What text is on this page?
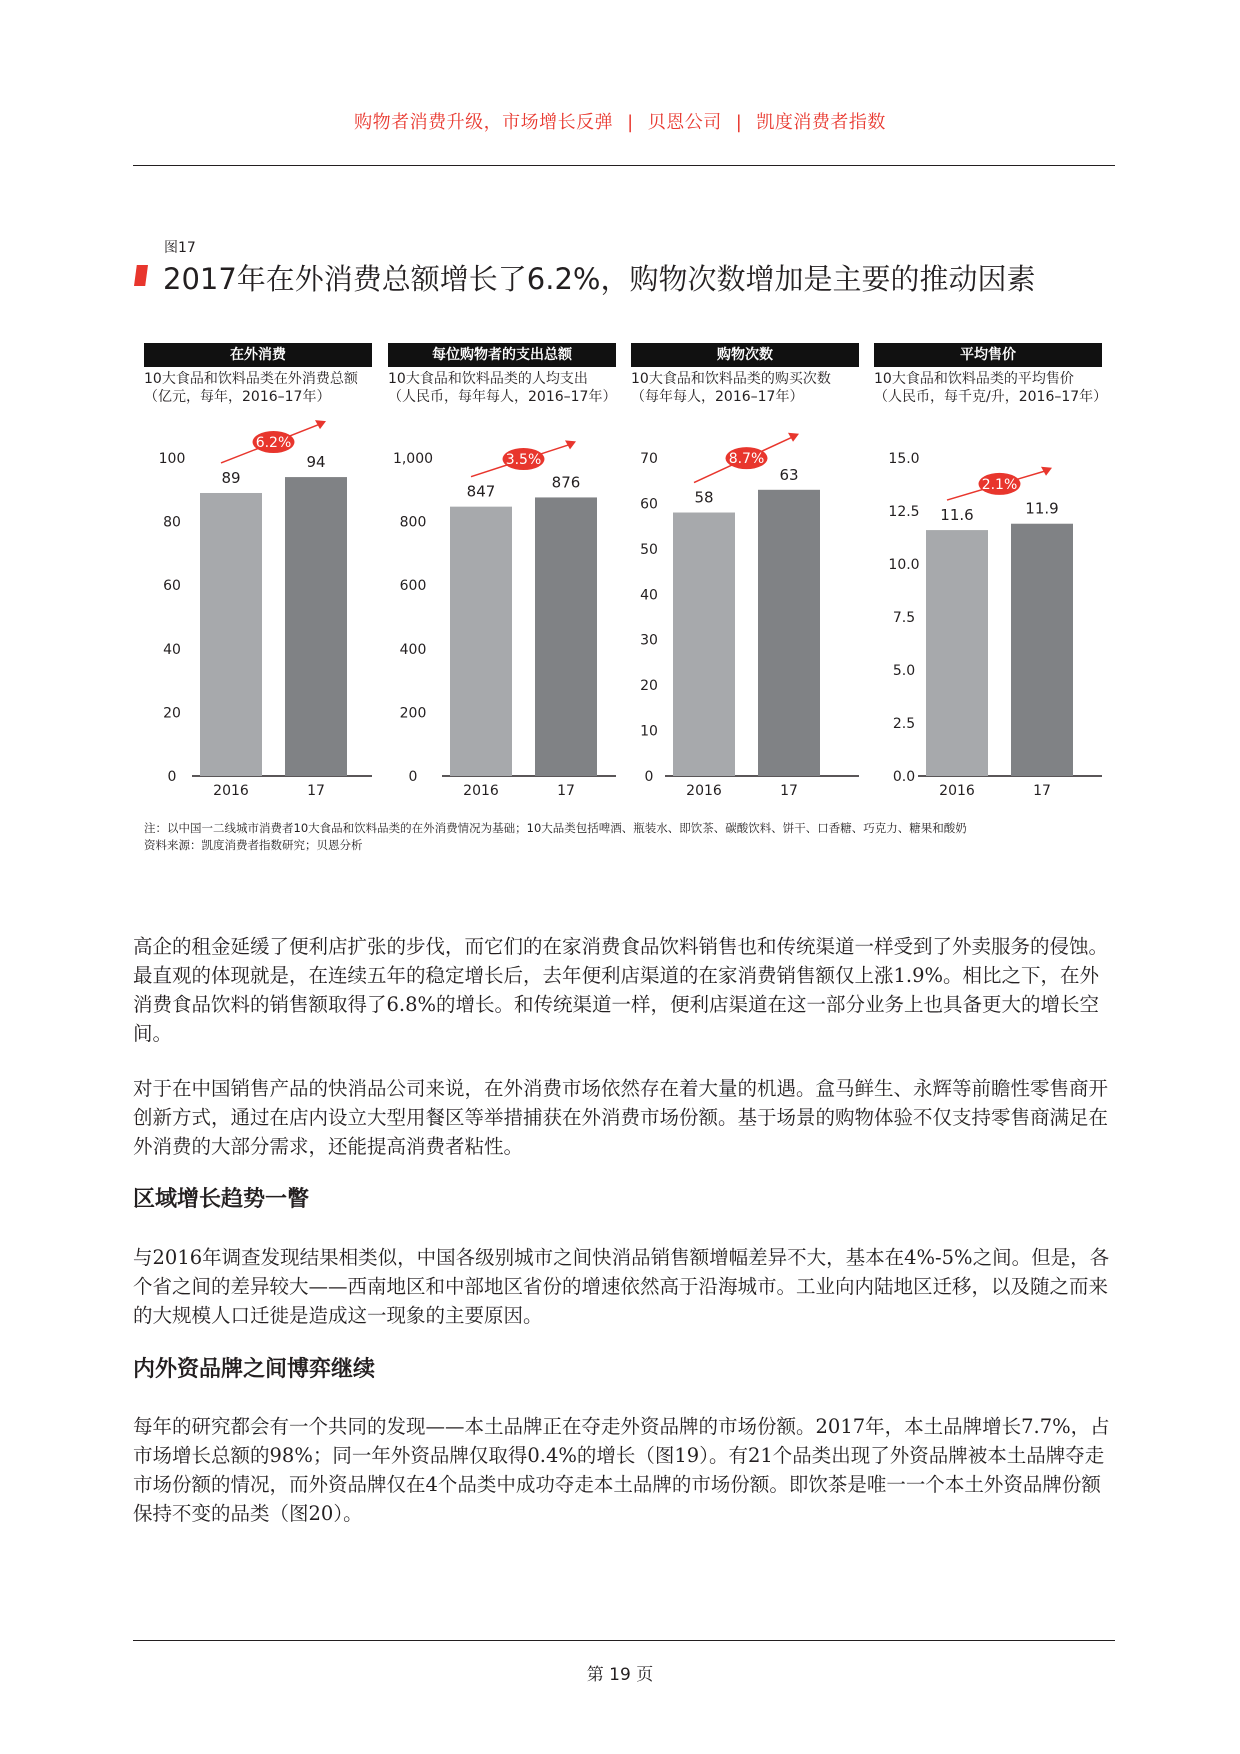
购物者消费升级，市场增长反弹 | 贝恩公司 | 凯度消费者指数
图17
2017年在外消费总额增长了6.2%，购物次数增加是主要的推动因素
在外消费
10大食品和饮料品类在外消费总额
（亿元，每年，2016–17年）
0
20
40
60
80
100
89
2016
94
17
6.2%
每位购物者的支出总额
10大食品和饮料品类的人均支出
（人民币，每年每人，2016–17年）
0
200
400
600
800
1,000
847
2016
876
17
3.5%
购物次数
10大食品和饮料品类的购买次数
（每年每人，2016–17年）
0
10
20
30
40
50
60
70
58
2016
63
17
8.7%
平均售价
10大食品和饮料品类的平均售价
（人民币，每千克/升，2016–17年）
0.0
2.5
5.0
7.5
10.0
12.5
15.0
11.6
2016
11.9
17
2.1%
注：以中国一二线城市消费者10大食品和饮料品类的在外消费情况为基础；10大品类包括啤酒、瓶装水、即饮茶、碳酸饮料、饼干、口香糖、巧克力、糖果和酸奶
资料来源：凯度消费者指数研究；贝恩分析
高企的租金延缓了便利店扩张的步伐，而它们的在家消费食品饮料销售也和传统渠道一样受到了外卖服务的侵蚀。最直观的体现就是，在连续五年的稳定增长后，去年便利店渠道的在家消费销售额仅上涨1.9%。相比之下，在外消费食品饮料的销售额取得了6.8%的增长。和传统渠道一样，便利店渠道在这一部分业务上也具备更大的增长空间。
对于在中国销售产品的快消品公司来说，在外消费市场依然存在着大量的机遇。盒马鲜生、永辉等前瞻性零售商开创新方式，通过在店内设立大型用餐区等举措捕获在外消费市场份额。基于场景的购物体验不仅支持零售商满足在外消费的大部分需求，还能提高消费者粘性。
区域增长趋势一瞥
与2016年调查发现结果相类似，中国各级别城市之间快消品销售额增幅差异不大，基本在4%-5%之间。但是，各个省之间的差异较大——西南地区和中部地区省份的增速依然高于沿海城市。工业向内陆地区迁移，以及随之而来的大规模人口迁徙是造成这一现象的主要原因。
内外资品牌之间博弈继续
每年的研究都会有一个共同的发现——本土品牌正在夺走外资品牌的市场份额。2017年，本土品牌增长7.7%，占市场增长总额的98%；同一年外资品牌仅取得0.4%的增长（图19）。有21个品类出现了外资品牌被本土品牌夺走市场份额的情况，而外资品牌仅在4个品类中成功夺走本土品牌的市场份额。即饮茶是唯一一个本土外资品牌份额保持不变的品类（图20）。
第 19 页
